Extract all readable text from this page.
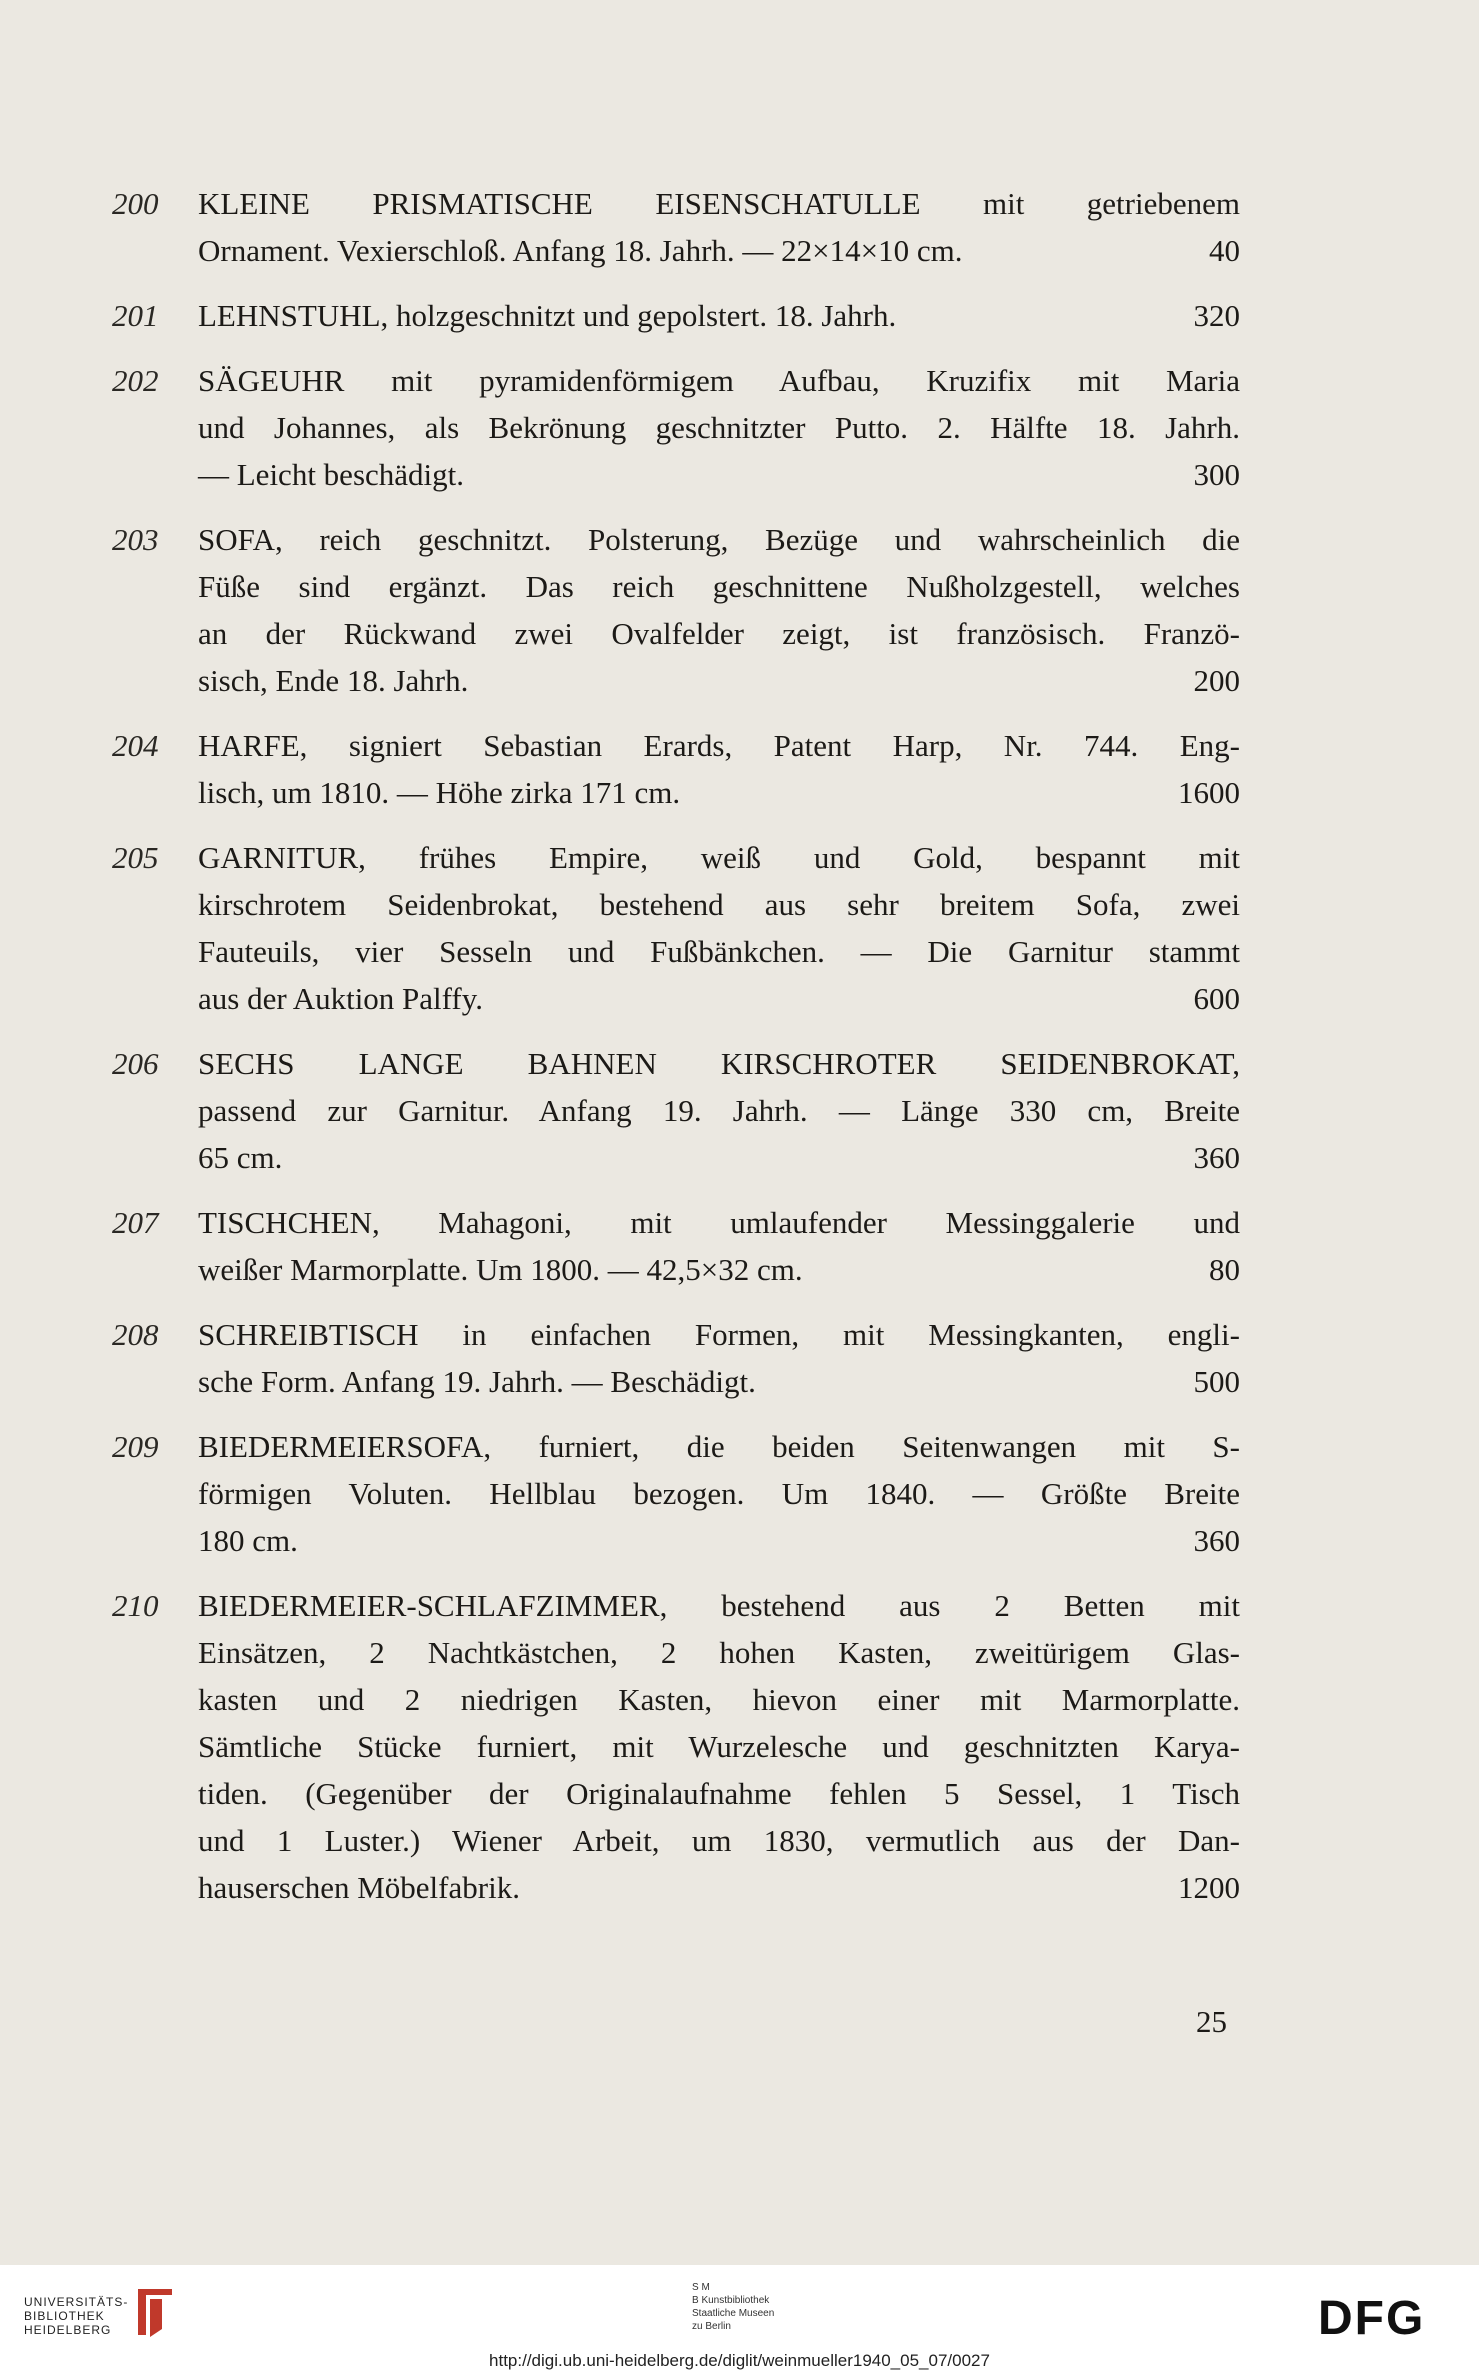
200	KLEINE PRISMATISCHE EISENSCHATULLE mit getriebenem
Ornament. Vexierschloß. Anfang 18. Jahrh. — 22×14×10 cm.	40
201	LEHNSTUHL, holzgeschnitzt und gepolstert. 18. Jahrh.	320
202	SÄGEUHR mit pyramidenförmigem Aufbau, Kruzifix mit Maria
und Johannes, als Bekrönung geschnitzter Putto. 2. Hälfte 18. Jahrh.
— Leicht beschädigt.	300
203	SOFA, reich geschnitzt. Polsterung, Bezüge und wahrscheinlich die
Füße sind ergänzt. Das reich geschnittene Nußholzgestell, welches
an der Rückwand zwei Ovalfelder zeigt, ist französisch. Franzö-
sisch, Ende 18. Jahrh.	200
204	HARFE, signiert Sebastian Erards, Patent Harp, Nr. 744. Eng-
lisch, um 1810. — Höhe zirka 171 cm.	1600
205	GARNITUR, frühes Empire, weiß und Gold, bespannt mit
kirschrotem Seidenbrokat, bestehend aus sehr breitem Sofa, zwei
Fauteuils, vier Sesseln und Fußbänkchen. — Die Garnitur stammt
aus der Auktion Palffy.	600
206	SECHS LANGE BAHNEN KIRSCHROTER SEIDENBROKAT,
passend zur Garnitur. Anfang 19. Jahrh. — Länge 330 cm, Breite
65 cm.	360
207	TISCHCHEN, Mahagoni, mit umlaufender Messinggalerie und
weißer Marmorplatte. Um 1800. — 42,5×32 cm.	80
208	SCHREIBTISCH in einfachen Formen, mit Messingkanten, engli-
sche Form. Anfang 19. Jahrh. — Beschädigt.	500
209	BIEDERMEIERSOFA, furniert, die beiden Seitenwangen mit S-
förmigen Voluten. Hellblau bezogen. Um 1840. — Größte Breite
180 cm.	360
210	BIEDERMEIER-SCHLAFZIMMER, bestehend aus 2 Betten mit
Einsätzen, 2 Nachtkästchen, 2 hohen Kasten, zweitürigem Glas-
kasten und 2 niedrigen Kasten, hievon einer mit Marmorplatte.
Sämtliche Stücke furniert, mit Wurzelesche und geschnitzten Karya-
tiden. (Gegenüber der Originalaufnahme fehlen 5 Sessel, 1 Tisch
und 1 Luster.) Wiener Arbeit, um 1830, vermutlich aus der Dan-
hauserschen Möbelfabrik.	1200
25
UNIVERSITÄTS-
BIBLIOTHEK
HEIDELBERG
S M
B Kunstbibliothek
Staatliche Museen
zu Berlin	DFG
http://digi.ub.uni-heidelberg.de/diglit/weinmueller1940_05_07/0027
